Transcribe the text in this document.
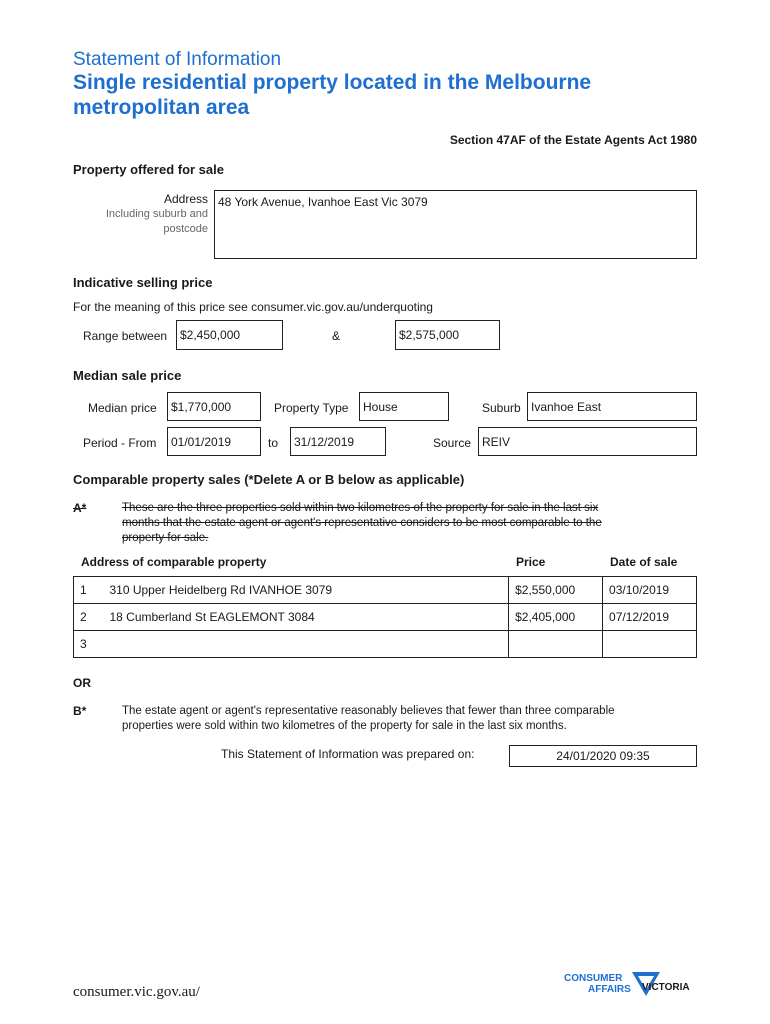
Statement of Information
Single residential property located in the Melbourne
metropolitan area
Section 47AF of the Estate Agents Act 1980
Property offered for sale
Address
Including suburb and
postcode
48 York Avenue, Ivanhoe East Vic 3079
Indicative selling price
For the meaning of this price see consumer.vic.gov.au/underquoting
Range between	$2,450,000	&	$2,575,000
Median sale price
Median price	$1,770,000	Property Type	House	Suburb Ivanhoe East
Period - From	01/01/2019	to	31/12/2019	Source REIV
Comparable property sales (*Delete A or B below as applicable)
A*	These are the three properties sold within two kilometres of the property for sale in the last six
months that the estate agent or agent's representative considers to be most comparable to the
property for sale.
Address of comparable property	Price	Date of sale
1	310 Upper Heidelberg Rd IVANHOE 3079	$2,550,000	03/10/2019
2	18 Cumberland St EAGLEMONT 3084	$2,405,000	07/12/2019
3			
OR
B*	The estate agent or agent's representative reasonably believes that fewer than three comparable
properties were sold within two kilometres of the property for sale in the last six months.
This Statement of Information was prepared on:	24/01/2020 09:35
consumer.vic.gov.au/
CONSUMER
AFFAIRS VICTORIA
